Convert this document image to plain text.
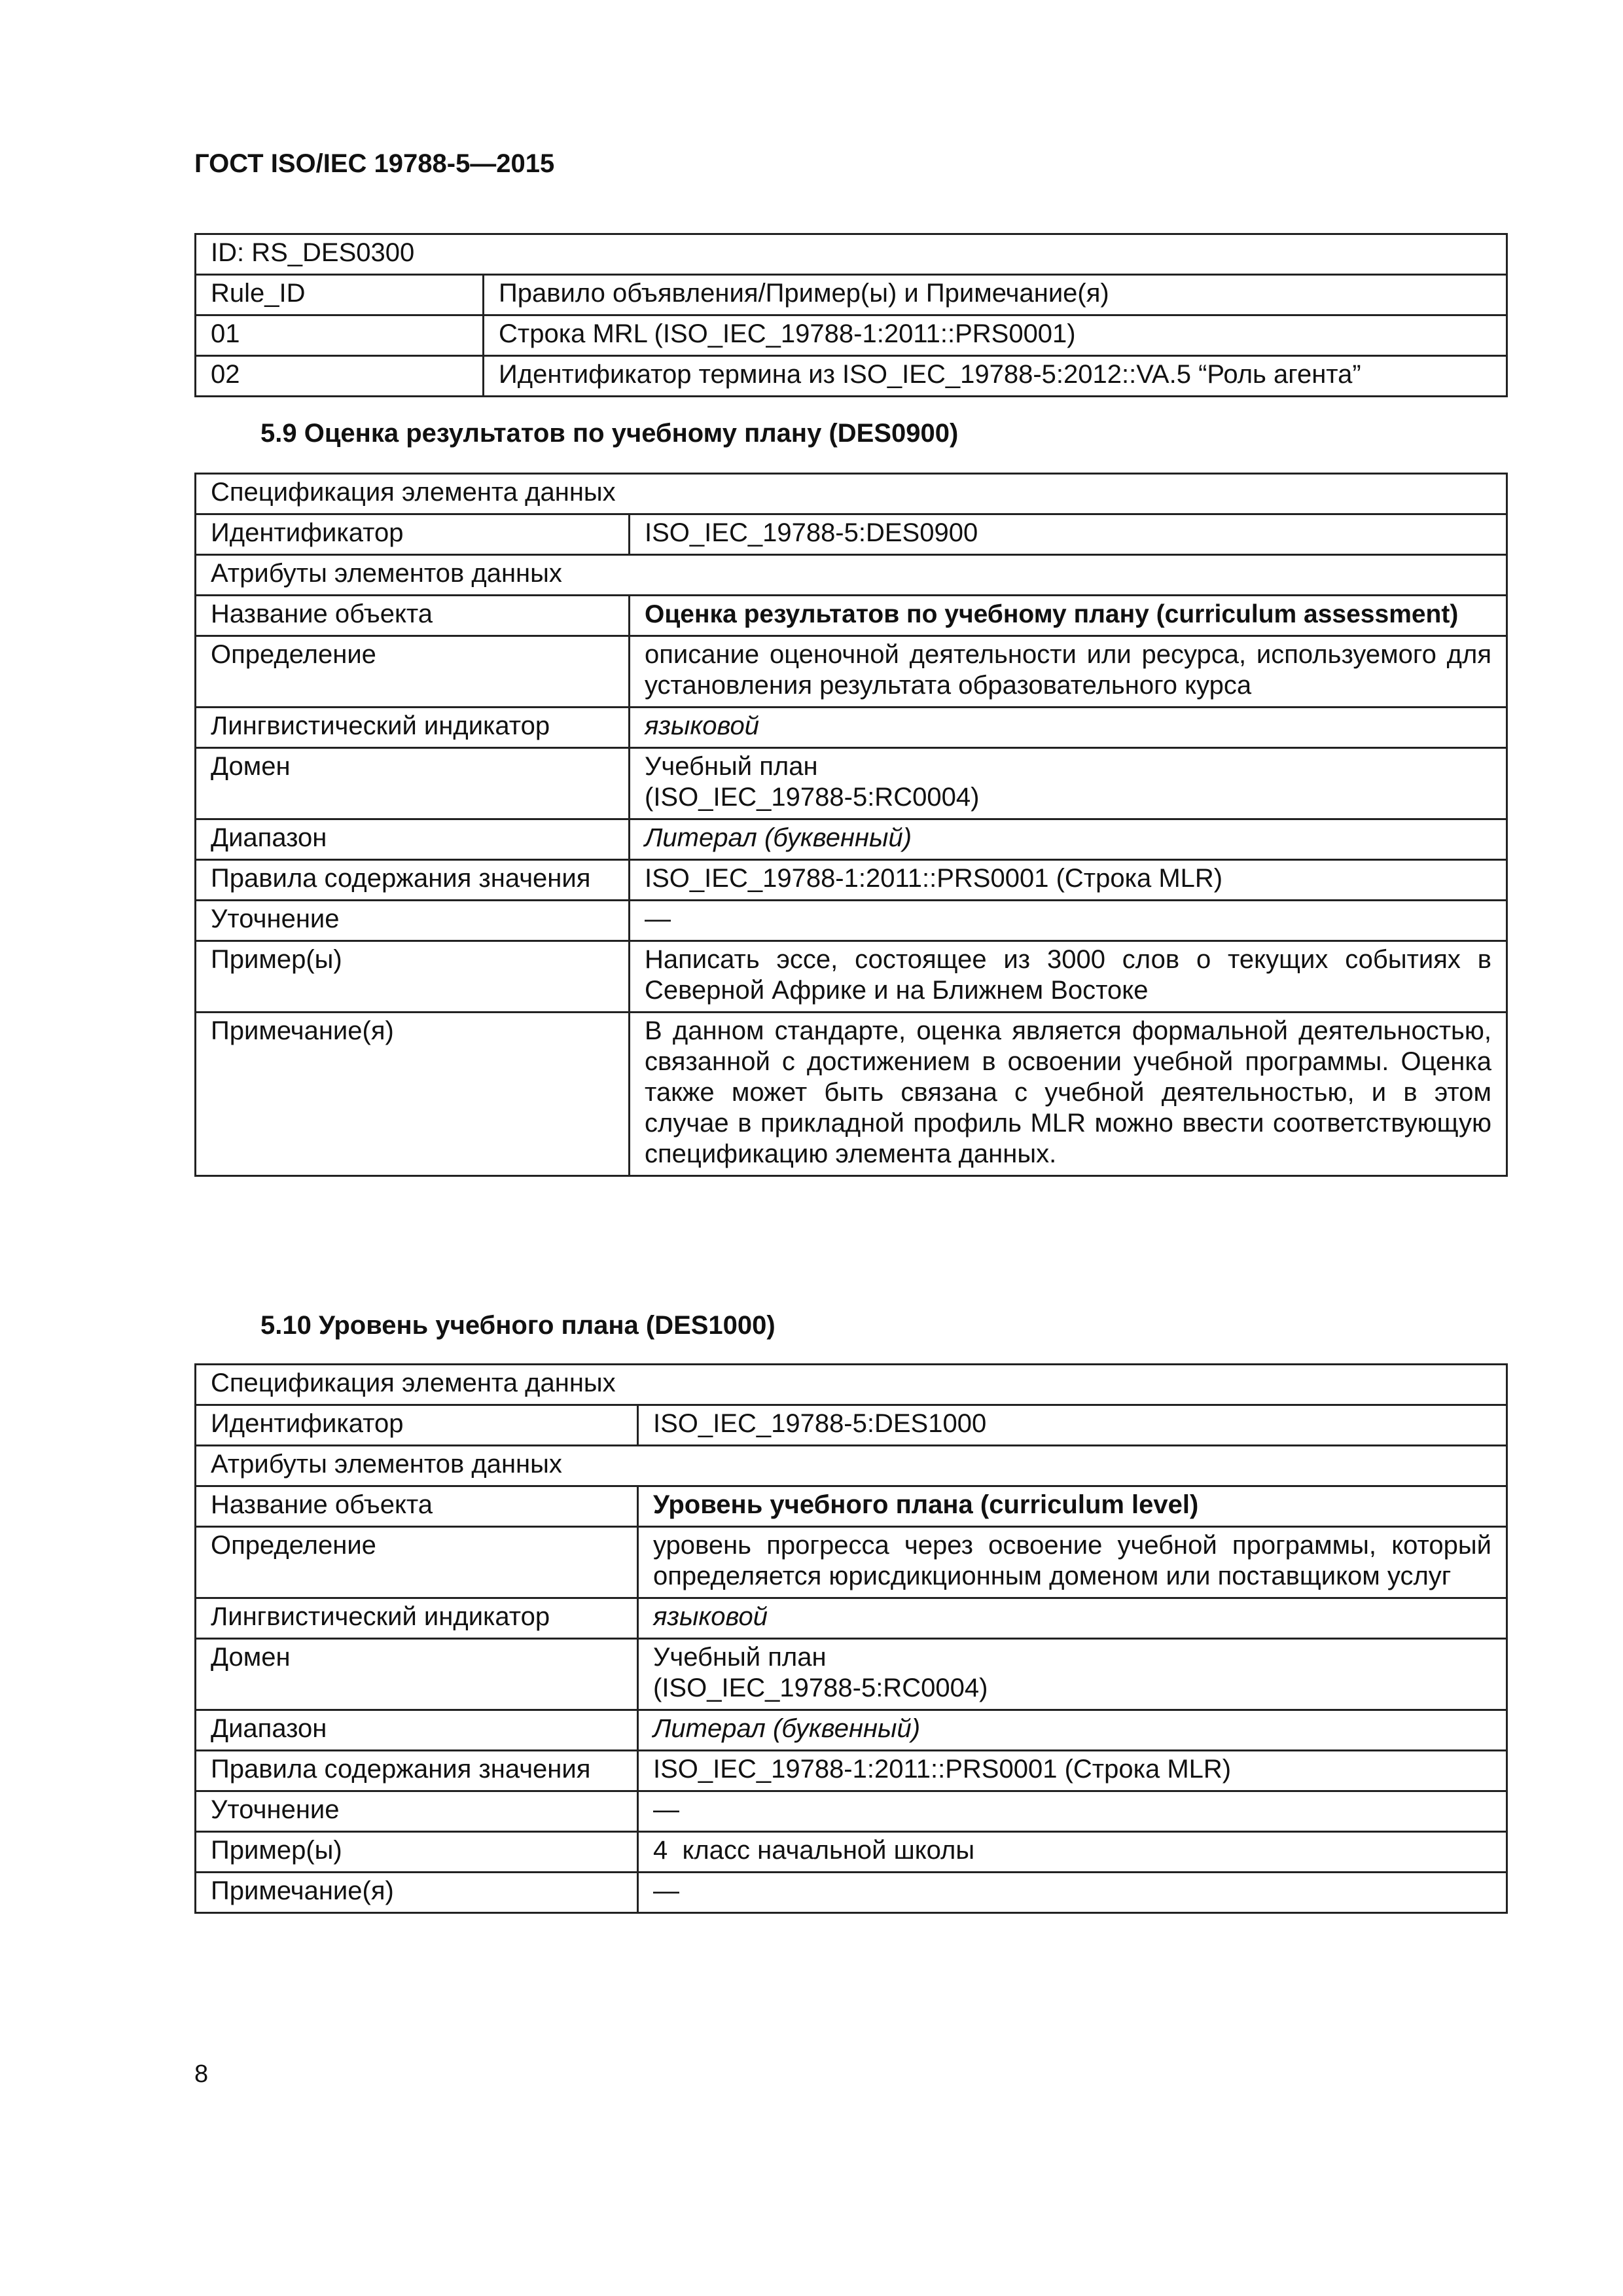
ГОСТ ISO/IEC 19788-5—2015
ID: RS_DES0300	
Rule_ID	Правило объявления/Пример(ы) и Примечание(я)
01	Строка MRL (ISO_IEC_19788-1:2011::PRS0001)
02	Идентификатор термина из ISO_IEC_19788-5:2012::VA.5 “Роль агента”
5.9 Оценка результатов по учебному плану (DES0900)
Спецификация элемента данных	
Идентификатор	ISO_IEC_19788-5:DES0900
Атрибуты элементов данных	
Название объекта	Оценка результатов по учебному плану (curriculum assessment)
Определение	описание оценочной деятельности или ресурса, используемого для установления результата образовательного курса
Лингвистический индикатор	языковой
Домен	Учебный план
(ISO_IEC_19788-5:RC0004)

Диапазон	Литерал (буквенный)
Правила содержания значения	ISO_IEC_19788-1:2011::PRS0001 (Строка MLR)
Уточнение	—
Пример(ы)	Написать эссе, состоящее из 3000 слов о текущих событиях в Северной Африке и на Ближнем Востоке
Примечание(я)	В данном стандарте, оценка является формальной деятельностью, связанной с достижением в освоении учебной программы. Оценка также может быть связана с учебной деятельностью, и в этом случае в прикладной профиль MLR можно ввести соответствующую спецификацию элемента данных.
5.10 Уровень учебного плана (DES1000)
Спецификация элемента данных	
Идентификатор	ISO_IEC_19788-5:DES1000
Атрибуты элементов данных	
Название объекта	Уровень учебного плана (curriculum level)
Определение	уровень прогресса через освоение учебной программы, который определяется юрисдикционным доменом или поставщиком услуг
Лингвистический индикатор	языковой
Домен	Учебный план
(ISO_IEC_19788-5:RC0004)

Диапазон	Литерал (буквенный)
Правила содержания значения	ISO_IEC_19788-1:2011::PRS0001 (Строка MLR)
Уточнение	—
Пример(ы)	4  класс начальной школы
Примечание(я)	—
8
